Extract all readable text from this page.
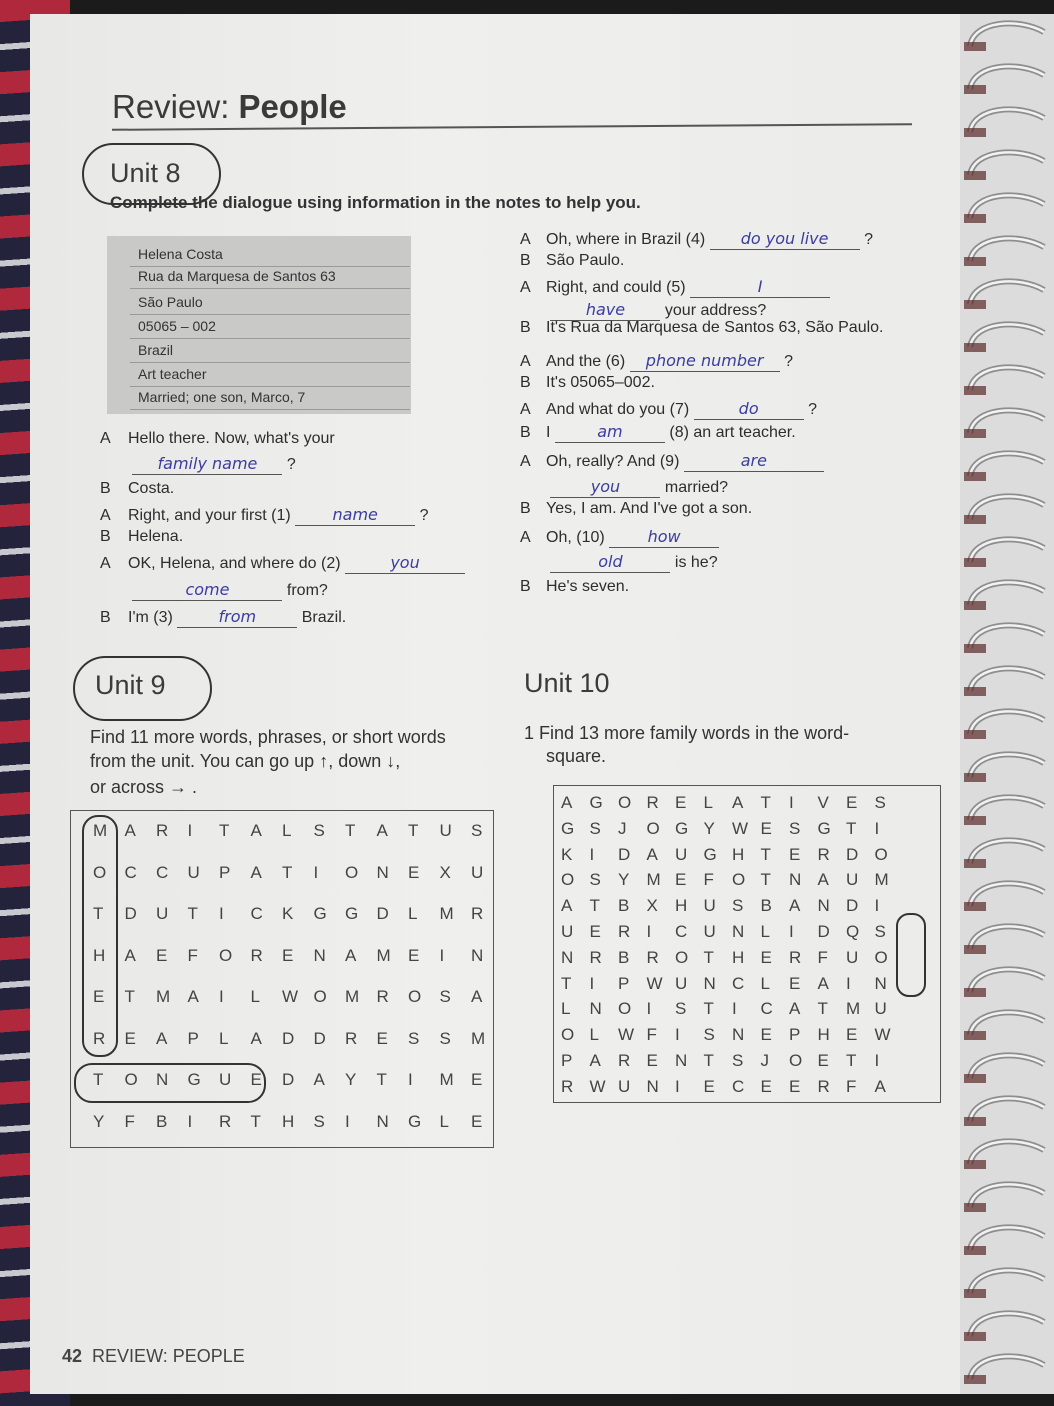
Review: People
Unit 8
Complete the dialogue using information in the notes to help you.
Helena Costa
Rua da Marquesa de Santos 63
São Paulo
05065 – 002
Brazil
Art teacher
Married; one son, Marco, 7
A Hello there. Now, what's your
family name ?
B Costa.
A Right, and your first (1)	name	?
B Helena.
A OK, Helena, and where do (2)	you
come	from?
B I'm (3)	from	Brazil.
A Oh, where in Brazil (4) do you live ?
B São Paulo.
A Right, and could (5)	I
have your address?
B It's Rua da Marquesa de Santos 63, São Paulo.
A And the (6) phone number ?
B It's 05065–002.
A And what do you (7)	do	?
B I	am	(8) an art teacher.
A Oh, really? And (9)	are
you	married?
B Yes, I am. And I've got a son.
A Oh, (10)	how
old	is he?
B He's seven.
Unit 9
Find 11 more words, phrases, or short words
from the unit. You can go up ↑, down ↓,
or across → .
M A R I T A L S T A T U S
O C C U P A T I O N E X U
T D U T I C K G G D L M R
H A E F O R E N A M E I N
E T M A I L W O M R O S A
R E A P L A D D R E S S M
T O N G U E D A Y T I M E
Y F B I R T H S I N G L E
Unit 10
1 Find 13 more family words in the word-
square.
A G O R E L A T I V E S
G S J O G Y W E S G T I
K I D A U G H T E R D O
O S Y M E F O T N A U M
A T B X H U S B A N D I
U E R I C U N L I D Q S
N R B R O T H E R F U O
T I P W U N C L E A I N
L N O I S T I C A T M U
O L W F I S N E P H E W
P A R E N T S J O E T I
R W U N I E C E E R F A
42 REVIEW: PEOPLE
